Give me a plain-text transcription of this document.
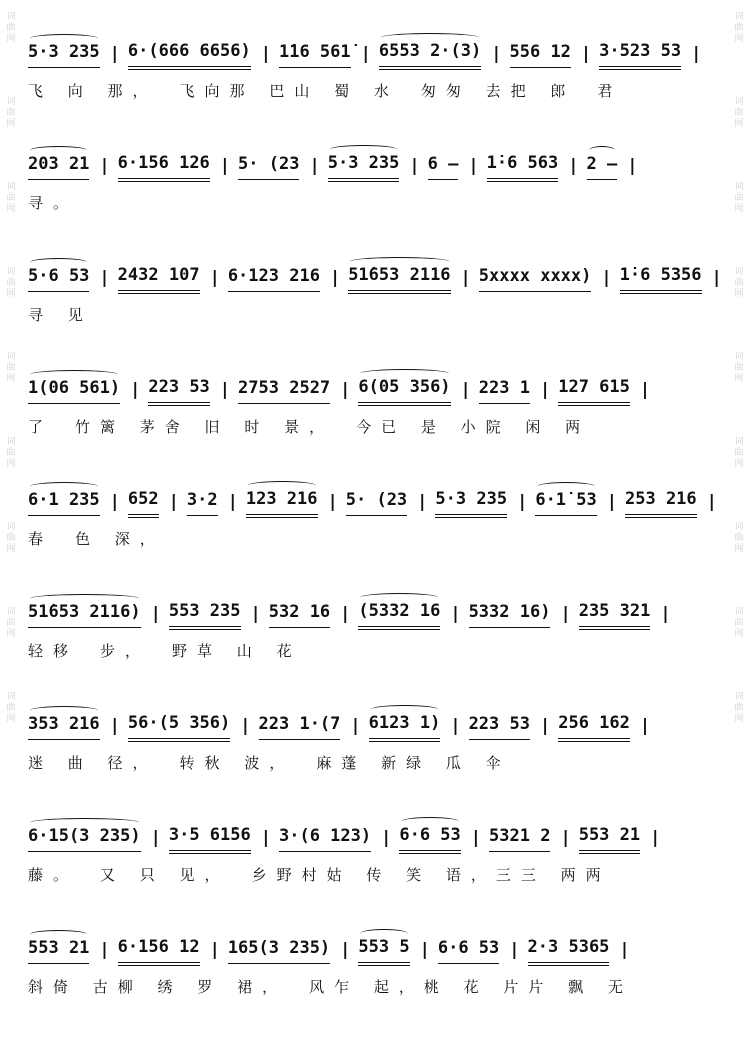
词
曲
网
词
曲
网
词
曲
网
词
曲
网
词
曲
网
词
曲
网
词
曲
网
词
曲
网
词
曲
网
词
曲
网
词
曲
网
词
曲
网
词
曲
网
词
曲
网
词
曲
网
词
曲
网
词
曲
网
词
曲
网
5·3 235 | 6·(666 6656) | 1̇16 561̇ | 6553 2·(3) | 556 12 | 3·523 53 |
飞 向 那， 飞向那 巴山 蜀 水 匆匆 去把 郎 君
203 21 | 6·156 126 | 5· (23 | 5·3 235 | 6 – | 1̇·6 563 | 2 – |
寻。
5·6 53 | 2432 107 | 6·123 216 | 51̇653 2116 | 5xxxx xxxx) | 1̇·6 5356 |
寻 见
1(06 561) | 223 53 | 2753 2527 | 6(05 356) | 223 1 | 127 615 |
了 竹篱 茅舍 旧 时 景， 今已 是 小院 闲 两
6·1 235 | 652 | 3·2 | 123 216 | 5· (23 | 5·3 235 | 6·1̇ 53 | 253 216 |
春 色 深，
51̇653 2116) | 553 235 | 532 16 | (5332 16 | 5332 16) | 235 321 |
轻移 步， 野草 山 花
353 216 | 56·(5 356) | 223 1·(7 | 6123 1) | 223 53 | 256 162 |
迷 曲 径， 转秋 波， 麻蓬 新绿 瓜 伞
6·15(3 235) | 3·5 61̇56 | 3·(6 123) | 6·6 53 | 5321 2 | 553 21 |
藤。 又 只 见， 乡野村姑 传 笑 语，三三 两两
553 21 | 6·156 12 | 165(3 235) | 553 5 | 6·6 53 | 2·3 5365 |
斜倚 古柳 绣 罗 裙， 风乍 起，桃 花 片片 飘 无
